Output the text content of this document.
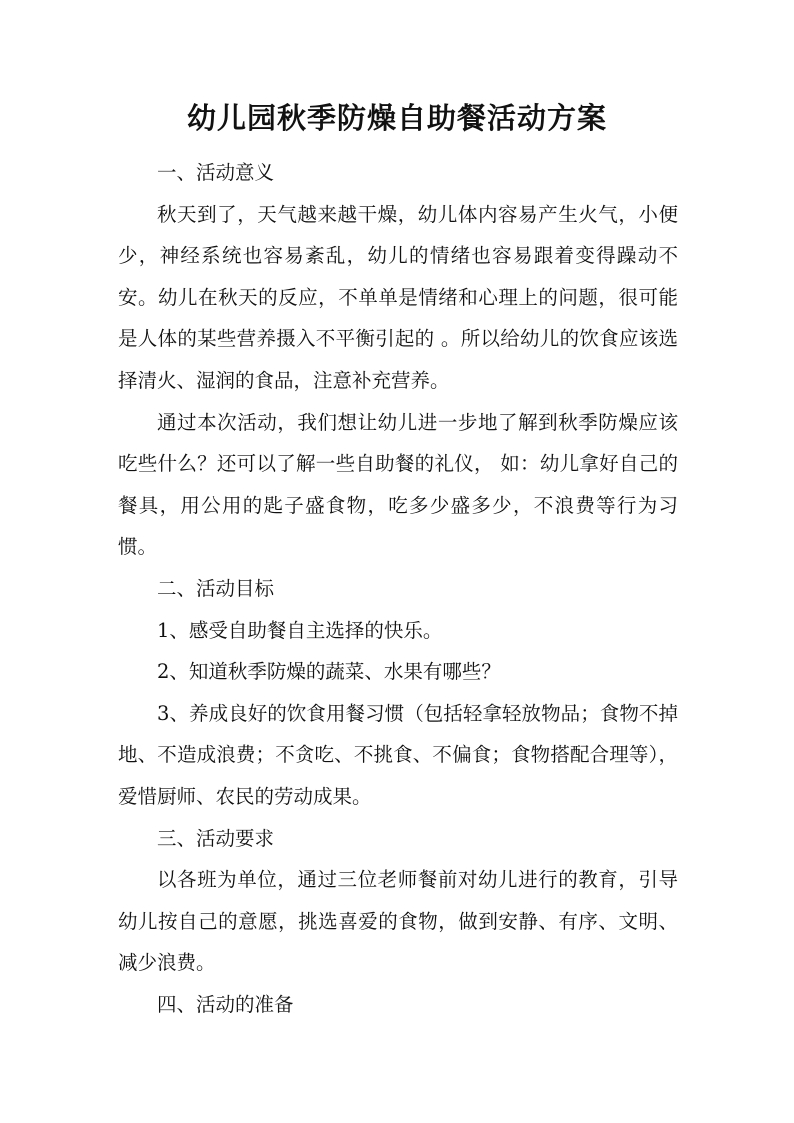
幼儿园秋季防燥自助餐活动方案

一、活动意义

秋天到了，天气越来越干燥，幼儿体内容易产生火气，小便少，神经系统也容易紊乱，幼儿的情绪也容易跟着变得躁动不安。幼儿在秋天的反应，不单单是情绪和心理上的问题，很可能是人体的某些营养摄入不平衡引起的 。所以给幼儿的饮食应该选择清火、湿润的食品，注意补充营养。

通过本次活动，我们想让幼儿进一步地了解到秋季防燥应该吃些什么？还可以了解一些自助餐的礼仪， 如：幼儿拿好自己的餐具，用公用的匙子盛食物，吃多少盛多少，不浪费等行为习惯。

二、活动目标

1、感受自助餐自主选择的快乐。

2、知道秋季防燥的蔬菜、水果有哪些？

3、养成良好的饮食用餐习惯（包括轻拿轻放物品；食物不掉地、不造成浪费；不贪吃、不挑食、不偏食；食物搭配合理等），爱惜厨师、农民的劳动成果。

三、活动要求

以各班为单位，通过三位老师餐前对幼儿进行的教育，引导幼儿按自己的意愿，挑选喜爱的食物，做到安静、有序、文明、减少浪费。

四、活动的准备
